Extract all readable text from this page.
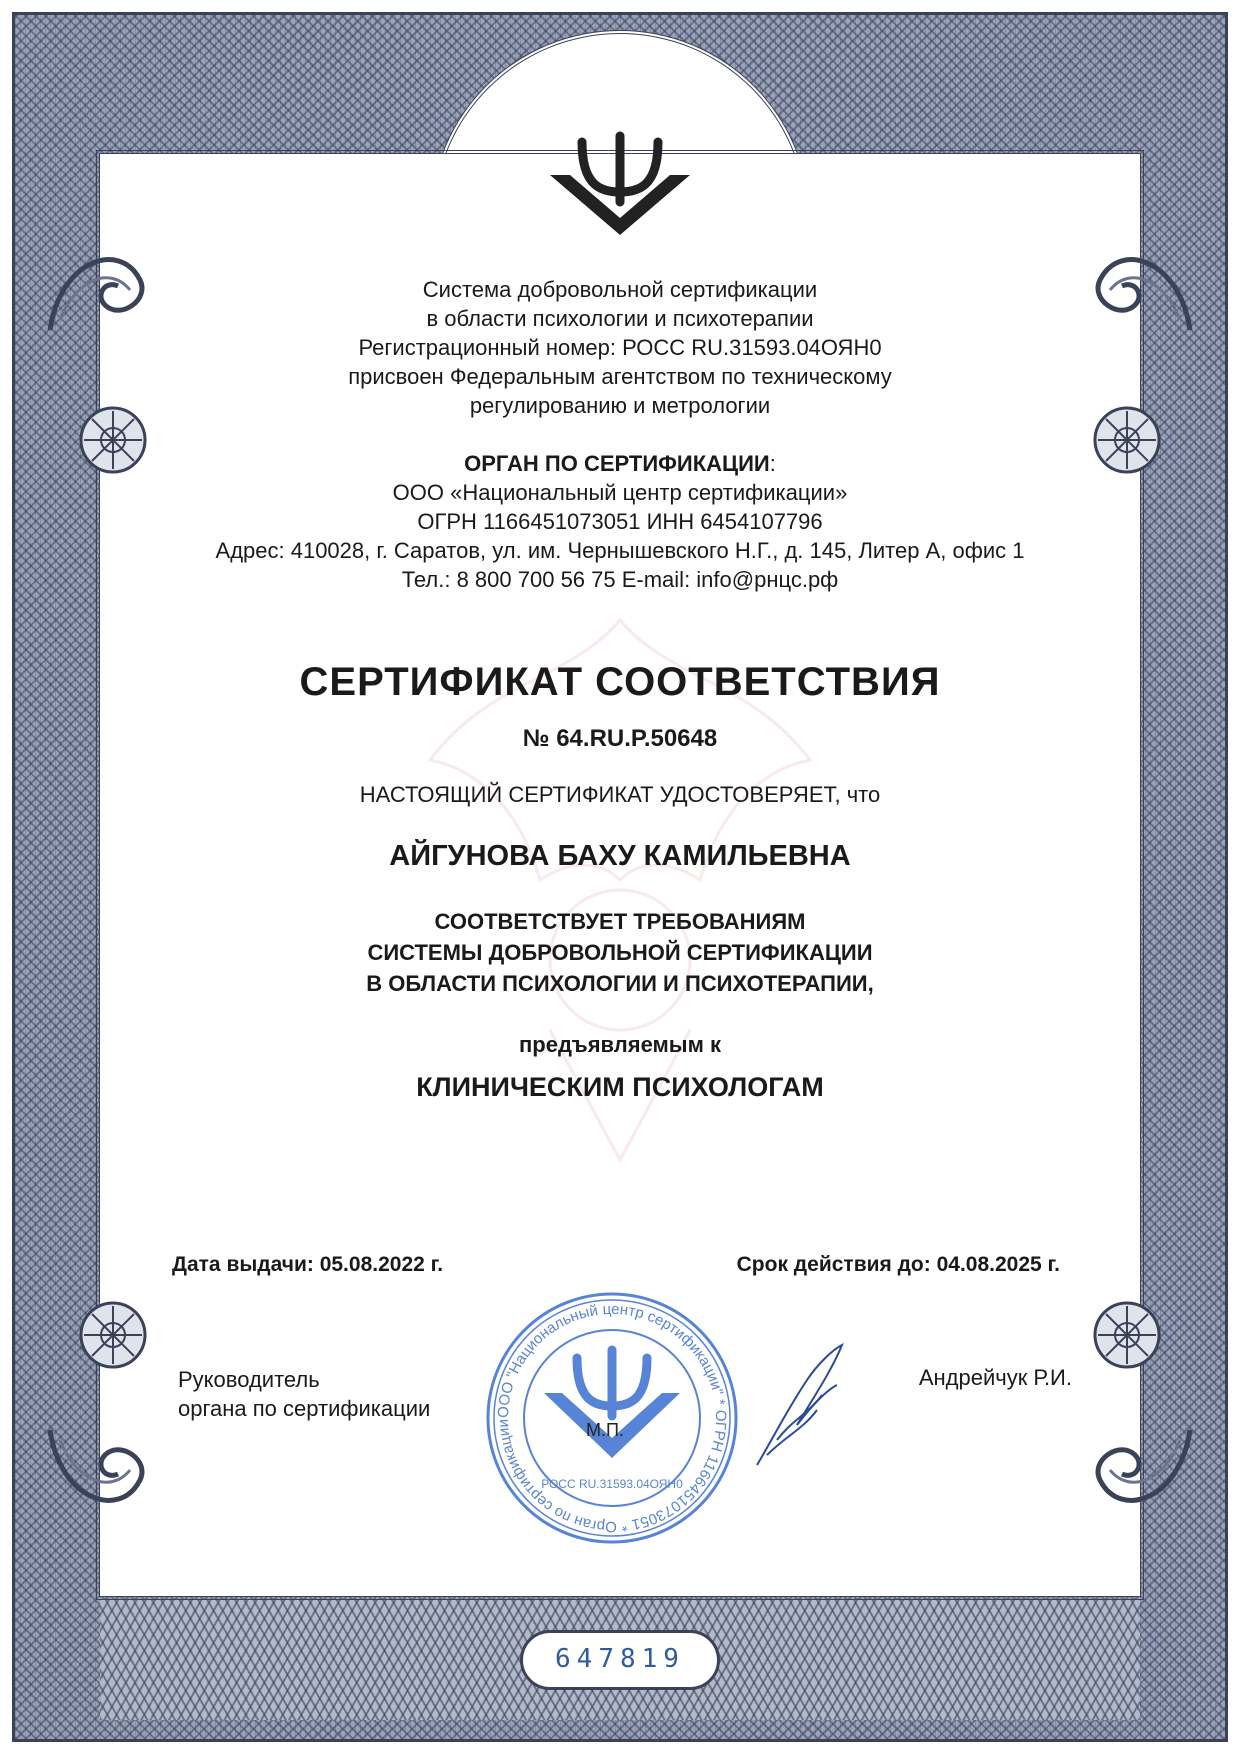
Система добровольной сертификации
в области психологии и психотерапии
Регистрационный номер: РОСС RU.31593.04ОЯН0
присвоен Федеральным агентством по техническому
регулированию и метрологии
ОРГАН ПО СЕРТИФИКАЦИИ:
ООО «Национальный центр сертификации»
ОГРН 1166451073051 ИНН 6454107796
Адрес: 410028, г. Саратов, ул. им. Чернышевского Н.Г., д. 145, Литер А, офис 1
Тел.: 8 800 700 56 75 E-mail: info@рнцс.рф
СЕРТИФИКАТ СООТВЕТСТВИЯ
№ 64.RU.P.50648
НАСТОЯЩИЙ СЕРТИФИКАТ УДОСТОВЕРЯЕТ, что
АЙГУНОВА БАХУ КАМИЛЬЕВНА
СООТВЕТСТВУЕТ ТРЕБОВАНИЯМ
СИСТЕМЫ ДОБРОВОЛЬНОЙ СЕРТИФИКАЦИИ
В ОБЛАСТИ ПСИХОЛОГИИ И ПСИХОТЕРАПИИ,
предъявляемым к
КЛИНИЧЕСКИМ ПСИХОЛОГАМ
Дата выдачи: 05.08.2022 г.	Срок действия до: 04.08.2025 г.
Руководитель
органа по сертификации	ООО "Национальный центр сертификации" * ОГРН 1166451073051 * Орган по сертификации
РОСС RU.31593.04ОЯН0
М.П.
Андрейчук Р.И.
647819
